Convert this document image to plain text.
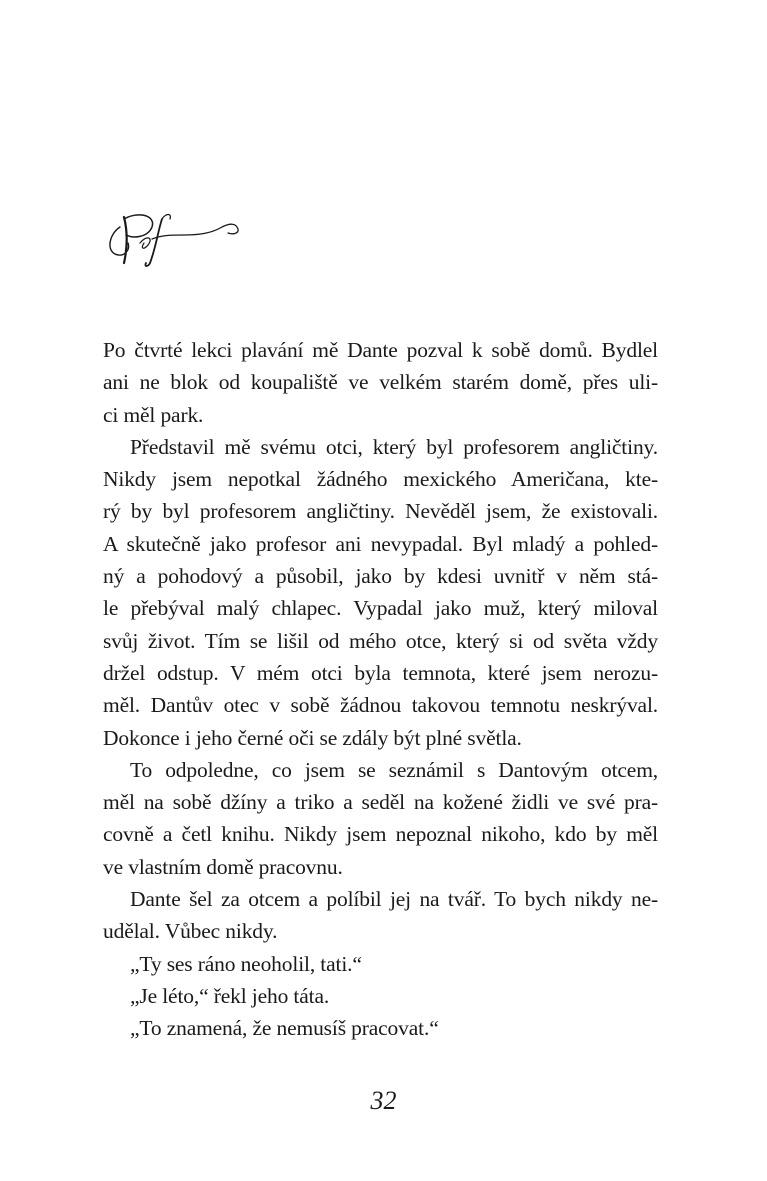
Po čtvrté lekci plavání mě Dante pozval k sobě domů. Bydlel
ani ne blok od koupaliště ve velkém starém domě, přes uli-
ci měl park.
Představil mě svému otci, který byl profesorem angličtiny.
Nikdy jsem nepotkal žádného mexického Američana, kte-
rý by byl profesorem angličtiny. Nevěděl jsem, že existovali.
A skutečně jako profesor ani nevypadal. Byl mladý a pohled-
ný a pohodový a působil, jako by kdesi uvnitř v něm stá-
le přebýval malý chlapec. Vypadal jako muž, který miloval
svůj život. Tím se lišil od mého otce, který si od světa vždy
držel odstup. V mém otci byla temnota, které jsem nerozu-
měl. Dantův otec v sobě žádnou takovou temnotu neskrýval.
Dokonce i jeho černé oči se zdály být plné světla.
To odpoledne, co jsem se seznámil s Dantovým otcem,
měl na sobě džíny a triko a seděl na kožené židli ve své pra-
covně a četl knihu. Nikdy jsem nepoznal nikoho, kdo by měl
ve vlastním domě pracovnu.
Dante šel za otcem a políbil jej na tvář. To bych nikdy ne-
udělal. Vůbec nikdy.
„Ty ses ráno neoholil, tati.“
„Je léto,“ řekl jeho táta.
„To znamená, že nemusíš pracovat.“
32
